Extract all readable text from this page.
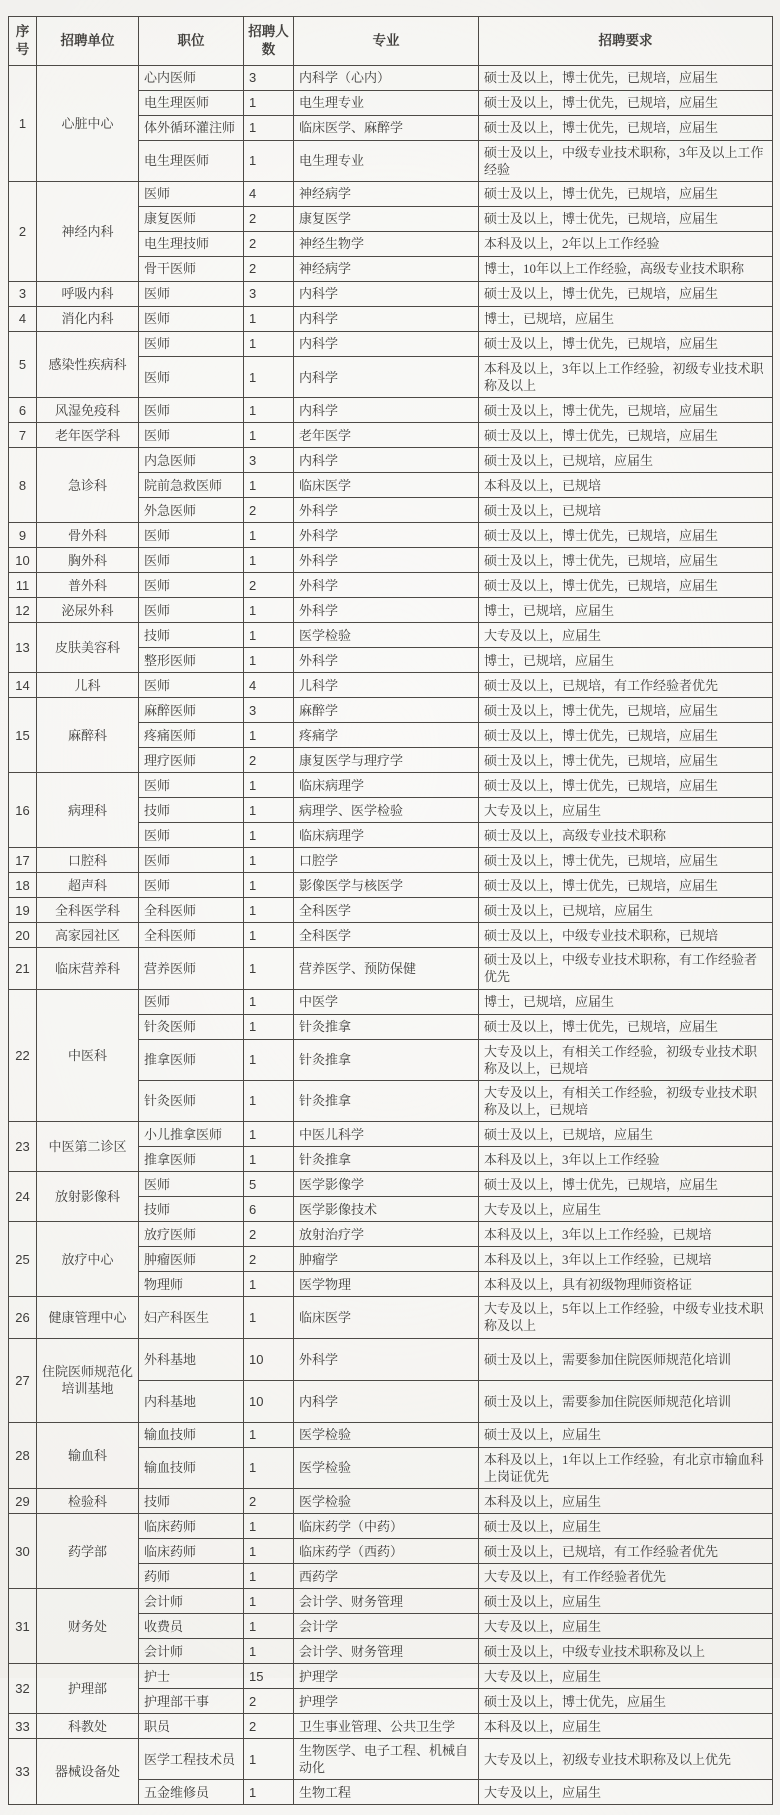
序号	招聘单位	职位	招聘人数	专业	招聘要求
1	心脏中心	心内医师	3	内科学（心内）	硕士及以上，博士优先，已规培，应届生
		电生理医师	1	电生理专业	硕士及以上，博士优先，已规培，应届生
		体外循环灌注师	1	临床医学、麻醉学	硕士及以上，博士优先，已规培，应届生
		电生理医师	1	电生理专业	硕士及以上，中级专业技术职称，3年及以上工作经验
2	神经内科	医师	4	神经病学	硕士及以上，博士优先，已规培，应届生
		康复医师	2	康复医学	硕士及以上，博士优先，已规培，应届生
		电生理技师	2	神经生物学	本科及以上，2年以上工作经验
		骨干医师	2	神经病学	博士，10年以上工作经验，高级专业技术职称
3	呼吸内科	医师	3	内科学	硕士及以上，博士优先，已规培，应届生
4	消化内科	医师	1	内科学	博士，已规培，应届生
5	感染性疾病科	医师	1	内科学	硕士及以上，博士优先，已规培，应届生
		医师	1	内科学	本科及以上，3年以上工作经验，初级专业技术职称及以上
6	风湿免疫科	医师	1	内科学	硕士及以上，博士优先，已规培，应届生
7	老年医学科	医师	1	老年医学	硕士及以上，博士优先，已规培，应届生
8	急诊科	内急医师	3	内科学	硕士及以上，已规培，应届生
		院前急救医师	1	临床医学	本科及以上，已规培
		外急医师	2	外科学	硕士及以上，已规培
9	骨外科	医师	1	外科学	硕士及以上，博士优先，已规培，应届生
10	胸外科	医师	1	外科学	硕士及以上，博士优先，已规培，应届生
11	普外科	医师	2	外科学	硕士及以上，博士优先，已规培，应届生
12	泌尿外科	医师	1	外科学	博士，已规培，应届生
13	皮肤美容科	技师	1	医学检验	大专及以上，应届生
		整形医师	1	外科学	博士，已规培，应届生
14	儿科	医师	4	儿科学	硕士及以上，已规培，有工作经验者优先
15	麻醉科	麻醉医师	3	麻醉学	硕士及以上，博士优先，已规培，应届生
		疼痛医师	1	疼痛学	硕士及以上，博士优先，已规培，应届生
		理疗医师	2	康复医学与理疗学	硕士及以上，博士优先，已规培，应届生
16	病理科	医师	1	临床病理学	硕士及以上，博士优先，已规培，应届生
		技师	1	病理学、医学检验	大专及以上，应届生
		医师	1	临床病理学	硕士及以上，高级专业技术职称
17	口腔科	医师	1	口腔学	硕士及以上，博士优先，已规培，应届生
18	超声科	医师	1	影像医学与核医学	硕士及以上，博士优先，已规培，应届生
19	全科医学科	全科医师	1	全科医学	硕士及以上，已规培，应届生
20	高家园社区	全科医师	1	全科医学	硕士及以上，中级专业技术职称，已规培
21	临床营养科	营养医师	1	营养医学、预防保健	硕士及以上，中级专业技术职称，有工作经验者优先
22	中医科	医师	1	中医学	博士，已规培，应届生
		针灸医师	1	针灸推拿	硕士及以上，博士优先，已规培，应届生
		推拿医师	1	针灸推拿	大专及以上，有相关工作经验，初级专业技术职称及以上，已规培
		针灸医师	1	针灸推拿	大专及以上，有相关工作经验，初级专业技术职称及以上，已规培
23	中医第二诊区	小儿推拿医师	1	中医儿科学	硕士及以上，已规培，应届生
		推拿医师	1	针灸推拿	本科及以上，3年以上工作经验
24	放射影像科	医师	5	医学影像学	硕士及以上，博士优先，已规培，应届生
		技师	6	医学影像技术	大专及以上，应届生
25	放疗中心	放疗医师	2	放射治疗学	本科及以上，3年以上工作经验，已规培
		肿瘤医师	2	肿瘤学	本科及以上，3年以上工作经验，已规培
		物理师	1	医学物理	本科及以上，具有初级物理师资格证
26	健康管理中心	妇产科医生	1	临床医学	大专及以上，5年以上工作经验，中级专业技术职称及以上
27	住院医师规范化培训基地	外科基地	10	外科学	硕士及以上，需要参加住院医师规范化培训
		内科基地	10	内科学	硕士及以上，需要参加住院医师规范化培训
28	输血科	输血技师	1	医学检验	硕士及以上，应届生
		输血技师	1	医学检验	本科及以上，1年以上工作经验，有北京市输血科上岗证优先
29	检验科	技师	2	医学检验	本科及以上，应届生
30	药学部	临床药师	1	临床药学（中药）	硕士及以上，应届生
		临床药师	1	临床药学（西药）	硕士及以上，已规培，有工作经验者优先
		药师	1	西药学	大专及以上，有工作经验者优先
31	财务处	会计师	1	会计学、财务管理	硕士及以上，应届生
		收费员	1	会计学	大专及以上，应届生
		会计师	1	会计学、财务管理	硕士及以上，中级专业技术职称及以上
32	护理部	护士	15	护理学	大专及以上，应届生
		护理部干事	2	护理学	硕士及以上，博士优先，应届生
33	科教处	职员	2	卫生事业管理、公共卫生学	本科及以上，应届生
33	器械设备处	医学工程技术员	1	生物医学、电子工程、机械自动化	大专及以上，初级专业技术职称及以上优先
		五金维修员	1	生物工程	大专及以上，应届生
